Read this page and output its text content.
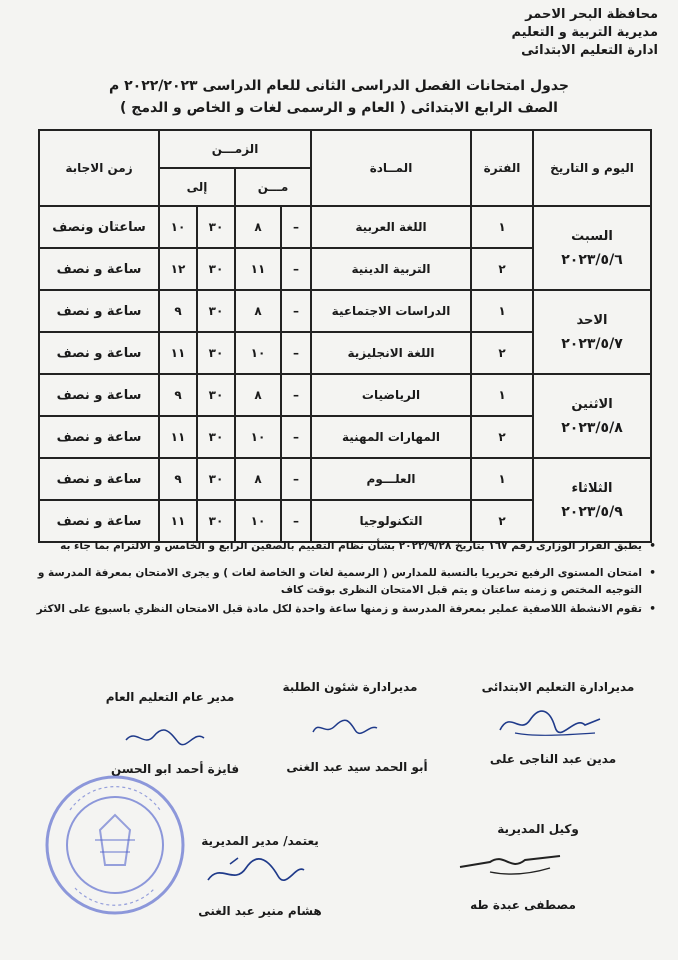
محافظة البحر الاحمر
مديرية التربية و التعليم
ادارة التعليم الابتدائى
جدول امتحانات الفصل الدراسى الثانى للعام الدراسى ٢٠٢٢/٢٠٢٣ م
الصف الرابع الابتدائى ( العام و الرسمى لغات و الخاص و الدمج )
اليوم و التاريخ	الفترة	المــادة	الزمـــن				زمن الاجابة
			مـــن		إلى		

السبت
٢٠٢٣/٥/٦	١	اللغة العربية	–	٨	٣٠	١٠	ساعتان ونصف
	٢	التربية الدينية	–	١١	٣٠	١٢	ساعة و نصف

الاحد
٢٠٢٣/٥/٧	١	الدراسات الاجتماعية	–	٨	٣٠	٩	ساعة و نصف
	٢	اللغة الانجليزية	–	١٠	٣٠	١١	ساعة و نصف

الاثنين
٢٠٢٣/٥/٨	١	الرياضيات	–	٨	٣٠	٩	ساعة و نصف
	٢	المهارات المهنية	–	١٠	٣٠	١١	ساعة و نصف

الثلاثاء
٢٠٢٣/٥/٩	١	العلـــوم	–	٨	٣٠	٩	ساعة و نصف
	٢	التكنولوجيا	–	١٠	٣٠	١١	ساعة و نصف
• يطبق القرار الوزارى رقم ١٦٧ بتاريخ ٢٠٢٢/٩/٢٨ بشأن نظام التقييم بالصفين الرابع و الخامس و الالترام بما جاء به
• امتحان المستوى الرفيع تحريريا بالنسبة للمدارس ( الرسمية لغات و الخاصة لغات ) و يجرى الامتحان بمعرفة المدرسة و التوجيه المختص و زمنه ساعتان و يتم قبل الامتحان النظرى بوقت كاف
• تقوم الانشطة اللاصفية عملير بمعرفة المدرسة و زمنها ساعة واحدة لكل مادة قبل الامتحان النظري باسبوع على الاكثر
مديرادارة التعليم الابتدائى
مدين عبد الناجى على
مديرادارة شئون الطلبة
أبو الحمد سيد عبد الغنى
مدير عام التعليم العام
فايزة أحمد ابو الحسن
وكيل المديرية
مصطفى عبدة طه
يعتمد/ مدير المديرية
هشام منير عبد الغنى
